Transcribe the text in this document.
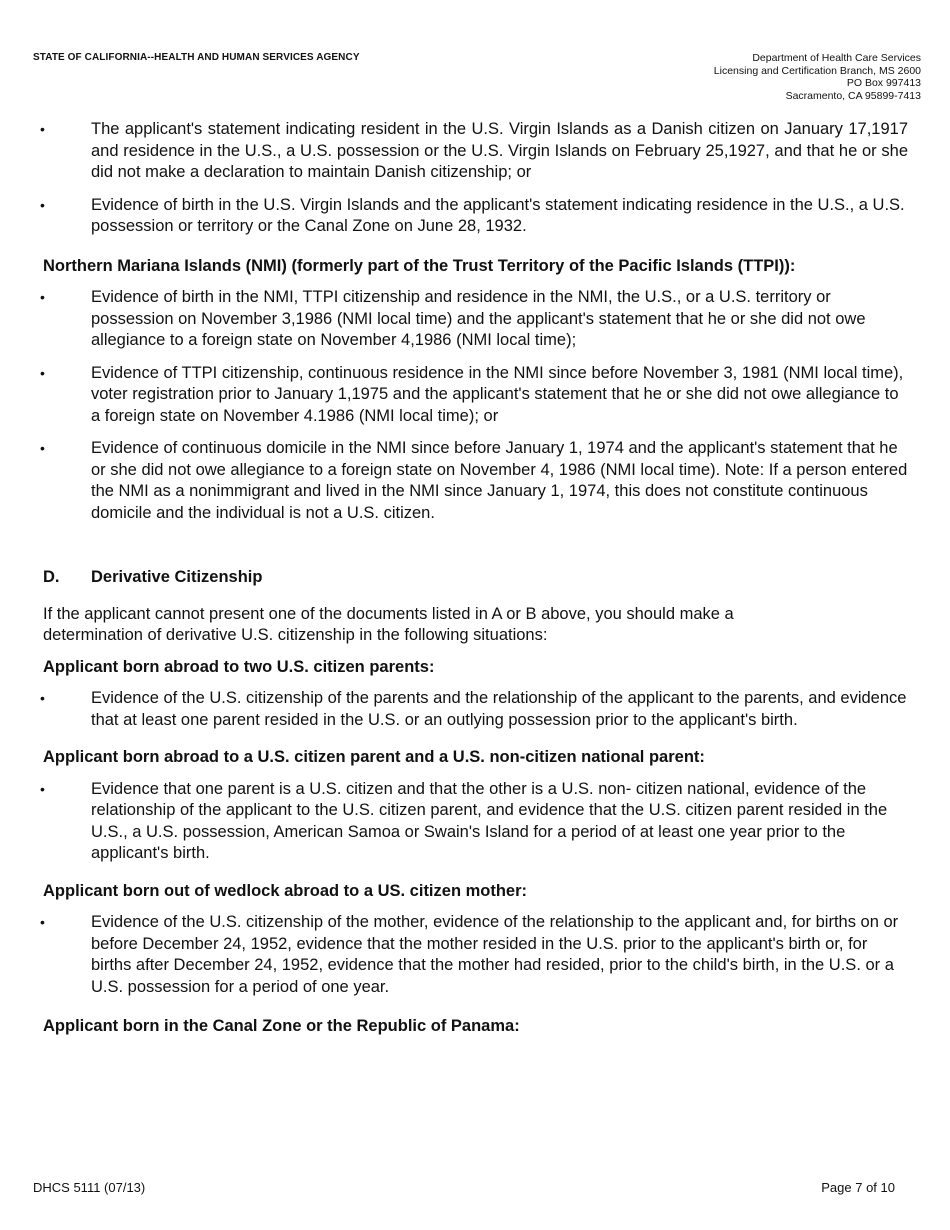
STATE OF CALIFORNIA--HEALTH AND HUMAN SERVICES AGENCY	Department of Health Care Services
Licensing and Certification Branch, MS 2600
PO Box 997413
Sacramento, CA 95899-7413
•	The applicant's statement indicating resident in the U.S. Virgin Islands as a Danish citizen on January 17,1917 and residence in the U.S., a U.S. possession or the U.S. Virgin Islands on February 25,1927, and that he or she did not make a declaration to maintain Danish citizenship; or
•	Evidence of birth in the U.S. Virgin Islands and the applicant's statement indicating residence in the U.S., a U.S. possession or territory or the Canal Zone on June 28, 1932.
Northern Mariana Islands (NMI) (formerly part of the Trust Territory of the Pacific Islands (TTPI)):
•	Evidence of birth in the NMI, TTPI citizenship and residence in the NMI, the U.S., or a U.S. territory or possession on November 3,1986 (NMI local time) and the applicant's statement that he or she did not owe allegiance to a foreign state on November 4,1986 (NMI local time);
•	Evidence of TTPI citizenship, continuous residence in the NMI since before November 3, 1981 (NMI local time), voter registration prior to January 1,1975 and the applicant's statement that he or she did not owe allegiance to a foreign state on November 4.1986 (NMI local time); or
•	Evidence of continuous domicile in the NMI since before January 1, 1974 and the applicant's statement that he or she did not owe allegiance to a foreign state on November 4, 1986 (NMI local time). Note: If a person entered the NMI as a nonimmigrant and lived in the NMI since January 1, 1974, this does not constitute continuous domicile and the individual is not a U.S. citizen.
D.	Derivative Citizenship
If the applicant cannot present one of the documents listed in A or B above, you should make a determination of derivative U.S. citizenship in the following situations:
Applicant born abroad to two U.S. citizen parents:
•	Evidence of the U.S. citizenship of the parents and the relationship of the applicant to the parents, and evidence that at least one parent resided in the U.S. or an outlying possession prior to the applicant's birth.
Applicant born abroad to a U.S. citizen parent and a U.S. non-citizen national parent:
•	Evidence that one parent is a U.S. citizen and that the other is a U.S. non- citizen national, evidence of the relationship of the applicant to the U.S. citizen parent, and evidence that the U.S. citizen parent resided in the U.S., a U.S. possession, American Samoa or Swain's Island for a period of at least one year prior to the applicant's birth.
Applicant born out of wedlock abroad to a US. citizen mother:
•	Evidence of the U.S. citizenship of the mother, evidence of the relationship to the applicant and, for births on or before December 24, 1952, evidence that the mother resided in the U.S. prior to the applicant's birth or, for births after December 24, 1952, evidence that the mother had resided, prior to the child's birth, in the U.S. or a U.S. possession for a period of one year.
Applicant born in the Canal Zone or the Republic of Panama:
DHCS 5111 (07/13)	Page 7 of 10
